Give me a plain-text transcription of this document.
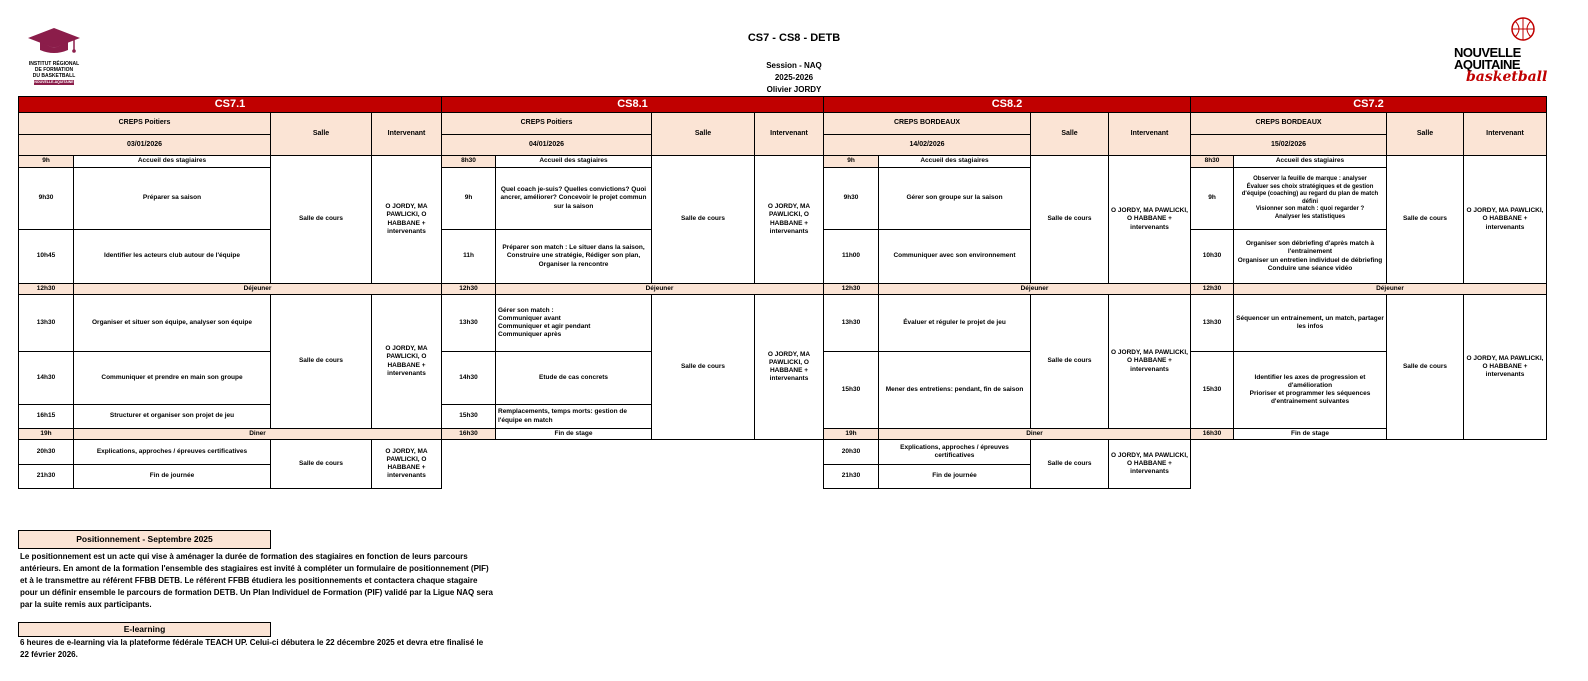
INSTITUT RÉGIONAL
DE FORMATION
DU BASKETBALL
NOUVELLE-AQUITAINE
NOUVELLE
AQUITAINE
basketball
CS7 - CS8 - DETB
Session - NAQ
2025-2026
Olivier JORDY
CS7.1			
CREPS Poitiers		Salle	Intervenant
03/01/2026			
9h	Accueil des stagiaires	Salle de cours	O JORDY, MA PAWLICKI, O HABBANE + intervenants
9h30	Préparer sa saison		
10h45	Identifier les acteurs club autour de l'équipe		
12h30	Déjeuner		
13h30	Organiser et situer son équipe, analyser son équipe	Salle de cours	O JORDY, MA PAWLICKI, O HABBANE + intervenants
14h30	Communiquer et prendre en main son groupe		
16h15	Structurer et organiser son projet de jeu		
19h	Diner		
20h30	Explications, approches / épreuves certificatives	Salle de cours	O JORDY, MA PAWLICKI, O HABBANE + intervenants
21h30	Fin de journée		
CS8.1			
CREPS Poitiers		Salle	Intervenant
04/01/2026			
8h30	Accueil des stagiaires	Salle de cours	O JORDY, MA PAWLICKI, O HABBANE + intervenants
9h	Quel coach je-suis? Quelles convictions? Quoi ancrer, améliorer? Concevoir le projet commun sur la saison		
11h	Préparer son match : Le situer dans la saison, Construire une stratégie, Rédiger son plan, Organiser la rencontre		
12h30	Déjeuner		
13h30	Gérer son match :
Communiquer avant
Communiquer et agir pendant
Communiquer après	Salle de cours	O JORDY, MA PAWLICKI, O HABBANE + intervenants
14h30	Etude de cas concrets		
15h30	Remplacements, temps morts: gestion de l'équipe en match		
16h30	Fin de stage		
CS8.2			
CREPS BORDEAUX		Salle	Intervenant
14/02/2026			
9h	Accueil des stagiaires	Salle de cours	O JORDY, MA PAWLICKI, O HABBANE + intervenants
9h30	Gérer son groupe sur la saison		
11h00	Communiquer avec son environnement		
12h30	Déjeuner		
13h30	Évaluer et réguler le projet de jeu	Salle de cours	O JORDY, MA PAWLICKI, O HABBANE + intervenants
15h30	Mener des entretiens: pendant, fin de saison		
19h	Diner		
20h30	Explications, approches / épreuves certificatives	Salle de cours	O JORDY, MA PAWLICKI, O HABBANE + intervenants
21h30	Fin de journée		
CS7.2			
CREPS BORDEAUX		Salle	Intervenant
15/02/2026			
8h30	Accueil des stagiaires	Salle de cours	O JORDY, MA PAWLICKI, O HABBANE + intervenants
9h	Observer la feuille de marque : analyser
Évaluer ses choix stratégiques et de gestion d'équipe (coaching) au regard du plan de match défini
Visionner son match : quoi regarder ?
Analyser les statistiques		
10h30	Organiser son débriefing d'après match à l'entrainement
Organiser un entretien individuel de débriefing
Conduire une séance vidéo		
12h30	Déjeuner		
13h30	Séquencer un entrainement, un match, partager les infos	Salle de cours	O JORDY, MA PAWLICKI, O HABBANE + intervenants
15h30	Identifier les axes de progression et d'amélioration
Prioriser et programmer les séquences d'entrainement suivantes		
16h30	Fin de stage		
Positionnement - Septembre 2025
Le positionnement est un acte qui vise à aménager la durée de formation des stagiaires en fonction de leurs parcours antérieurs. En amont de la formation l'ensemble des stagiaires est invité à compléter un formulaire de positionnement (PIF) et à le transmettre au référent FFBB DETB. Le référent FFBB étudiera les positionnements et contactera chaque stagaire pour un définir ensemble le parcours de formation DETB. Un Plan Individuel de Formation (PIF) validé par la Ligue NAQ sera par la suite remis aux participants.
E-learning
6 heures de e-learning via la plateforme fédérale TEACH UP. Celui-ci débutera le 22 décembre 2025 et devra etre finalisé le 22 février 2026.
